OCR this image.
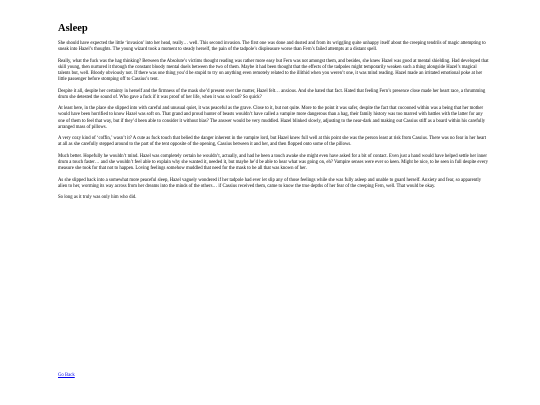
Asleep

She should have expected the little ‘invasion’ into her head, really… well. This second invasion. The first one was done and dusted and from its wriggling quite unhappy itself about the creeping tendrils of magic attempting to sneak into Hazel’s thoughts. The young wizard took a moment to steady herself, the pain of the tadpole’s displeasure worse than Fern’s failed attempts at a distant spell.

Really, what the fuck was the hag thinking? Between the Absolute’s victims thought reading was rather more easy but Fern was not amongst them, and besides, she knew Hazel was good at mental shielding. Had developed that skill young, then nurtured it through the constant bloody mental duels between the two of them. Maybe it had been thought that the effects of the tadpoles might temporarily weaken such a thing alongside Hazel’s magical talents but, well. Bloody obviously not. If there was one thing you’d be stupid to try on anything even remotely related to the illithid when you weren’t one, it was mind reading. Hazel made an irritated emotional poke at her little passenger before stomping off to Cassius’s tent.

Despite it all, despite her certainty in herself and the firmness of the mask she’d present over the matter, Hazel felt… anxious. And she hated that fact. Hated that feeling Fern’s presence close made her heart race, a thrumming drum she detested the sound of. Who gave a fuck if it was proof of her life, when it was so loud? So quick?

At least here, in the place she slipped into with careful and unusual quiet, it was peaceful as the grave. Close to it, but not quite. More to the point it was safer, despite the fact that cocooned within was a being that her mother would have been horrified to know Hazel was soft on. That grand and proud hunter of beasts wouldn’t have called a vampire more dangerous than a hag, their family history was too marred with battles with the latter for any one of them to feel that way, but if they’d been able to consider it without bias? The answer would be very muddled. Hazel blinked slowly, adjusting to the near-dark and making out Cassius stiff as a board within his carefully arranged mass of pillows.

A very cozy kind of ‘coffin,’ wasn’t it? A cute as fuck touch that belied the danger inherent in the vampire lord, but Hazel knew full well at this point she was the person least at risk from Cassius. There was no fear in her heart at all as she carefully stepped around to the part of the tent opposite of the opening, Cassius between it and her, and then flopped onto some of the pillows.

Much better. Hopefully he wouldn’t mind. Hazel was completely certain he wouldn’t, actually, and had he been a touch awake she might even have asked for a bit of contact. Even just a hand would have helped settle her inner drum a touch faster… and she wouldn’t feel able to explain why she wanted it, needed it, but maybe he’d be able to hear what was going on, eh? Vampire senses were ever so keen. Might be nice, to be seen in full despite every measure she took for that not to happen. Loving feelings somehow muddled that need for the mask to be all that was known of her.

As she slipped back into a somewhat more peaceful sleep, Hazel vaguely wondered if her tadpole had ever let slip any of those feelings while she was fully asleep and unable to guard herself. Anxiety and fear, so apparently alien to her, worming its way across from her dreams into the minds of the others… if Cassius received them, came to know the true depths of her fear of the creeping Fern, well. That would be okay.

So long as it truly was only him who did.

Go Back
